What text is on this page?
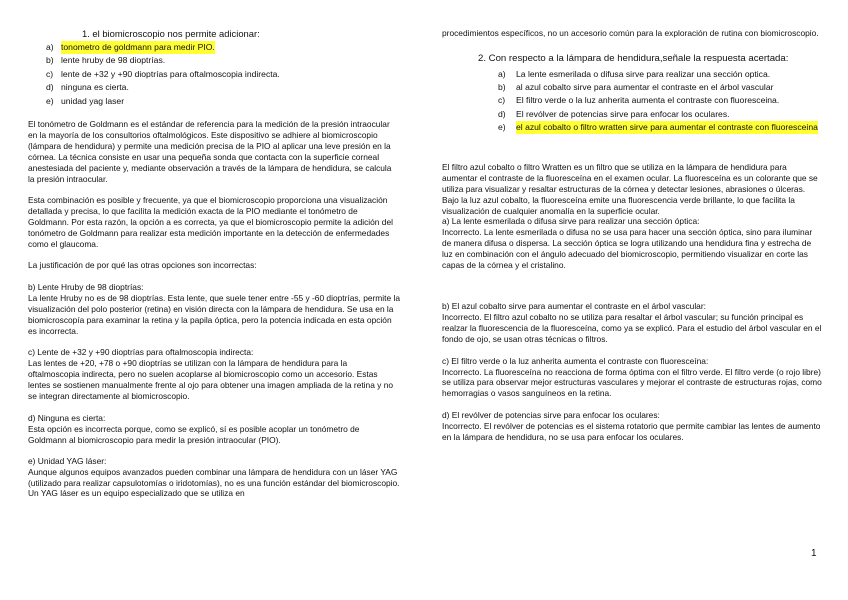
1. el biomicroscopio nos permite adicionar:

a) tonometro de goldmann para medir PIO.
b) lente hruby de 98 dioptrías.
c) lente de +32 y +90 dioptrías para oftalmoscopia indirecta.
d) ninguna es cierta.
e) unidad yag laser

El tonómetro de Goldmann es el estándar de referencia para la medición de la presión intraocular en la mayoría de los consultorios oftalmológicos. Este dispositivo se adhiere al biomicroscopio (lámpara de hendidura) y permite una medición precisa de la PIO al aplicar una leve presión en la córnea. La técnica consiste en usar una pequeña sonda que contacta con la superficie corneal anestesiada del paciente y, mediante observación a través de la lámpara de hendidura, se calcula la presión intraocular.

Esta combinación es posible y frecuente, ya que el biomicroscopio proporciona una visualización detallada y precisa, lo que facilita la medición exacta de la PIO mediante el tonómetro de Goldmann. Por esta razón, la opción a es correcta, ya que el biomicroscopio permite la adición del tonómetro de Goldmann para realizar esta medición importante en la detección de enfermedades como el glaucoma.

La justificación de por qué las otras opciones son incorrectas:

b) Lente Hruby de 98 dioptrías:

La lente Hruby no es de 98 dioptrías. Esta lente, que suele tener entre -55 y -60 dioptrías, permite la visualización del polo posterior (retina) en visión directa con la lámpara de hendidura. Se usa en la biomicroscopía para examinar la retina y la papila óptica, pero la potencia indicada en esta opción es incorrecta.

c) Lente de +32 y +90 dioptrías para oftalmoscopia indirecta:

Las lentes de +20, +78 o +90 dioptrías se utilizan con la lámpara de hendidura para la oftalmoscopia indirecta, pero no suelen acoplarse al biomicroscopio como un accesorio. Estas lentes se sostienen manualmente frente al ojo para obtener una imagen ampliada de la retina y no se integran directamente al biomicroscopio.

d) Ninguna es cierta:

Esta opción es incorrecta porque, como se explicó, sí es posible acoplar un tonómetro de Goldmann al biomicroscopio para medir la presión intraocular (PIO).

e) Unidad YAG láser:

Aunque algunos equipos avanzados pueden combinar una lámpara de hendidura con un láser YAG (utilizado para realizar capsulotomías o iridotomías), no es una función estándar del biomicroscopio. Un YAG láser es un equipo especializado que se utiliza en

procedimientos específicos, no un accesorio común para la exploración de rutina con biomicroscopio.

2. Con respecto a la lámpara de hendidura,señale la respuesta acertada:

a)	La lente esmerilada o difusa sirve para realizar una sección optica.
b)	al azul cobalto sirve para aumentar el contraste en el árbol vascular
c)	El filtro verde o la luz anherita aumenta el contraste con fluoresceina.
d)	El revólver de potencias sirve para enfocar los oculares.
e)	el azul cobalto o filtro wratten sirve para aumentar el contraste con fluoresceina

El filtro azul cobalto o filtro Wratten es un filtro que se utiliza en la lámpara de hendidura para aumentar el contraste de la fluoresceína en el examen ocular. La fluoresceína es un colorante que se utiliza para visualizar y resaltar estructuras de la córnea y detectar lesiones, abrasiones o úlceras. Bajo la luz azul cobalto, la fluoresceína emite una fluorescencia verde brillante, lo que facilita la visualización de cualquier anomalía en la superficie ocular.

a) La lente esmerilada o difusa sirve para realizar una sección óptica:

Incorrecto. La lente esmerilada o difusa no se usa para hacer una sección óptica, sino para iluminar de manera difusa o dispersa. La sección óptica se logra utilizando una hendidura fina y estrecha de luz en combinación con el ángulo adecuado del biomicroscopio, permitiendo visualizar en corte las capas de la córnea y el cristalino.

b) El azul cobalto sirve para aumentar el contraste en el árbol vascular:

Incorrecto. El filtro azul cobalto no se utiliza para resaltar el árbol vascular; su función principal es realzar la fluorescencia de la fluoresceína, como ya se explicó. Para el estudio del árbol vascular en el fondo de ojo, se usan otras técnicas o filtros.

c) El filtro verde o la luz anherita aumenta el contraste con fluoresceína:

Incorrecto. La fluoresceína no reacciona de forma óptima con el filtro verde. El filtro verde (o rojo libre) se utiliza para observar mejor estructuras vasculares y mejorar el contraste de estructuras rojas, como hemorragias o vasos sanguíneos en la retina.

d) El revólver de potencias sirve para enfocar los oculares:

Incorrecto. El revólver de potencias es el sistema rotatorio que permite cambiar las lentes de aumento en la lámpara de hendidura, no se usa para enfocar los oculares.

1
